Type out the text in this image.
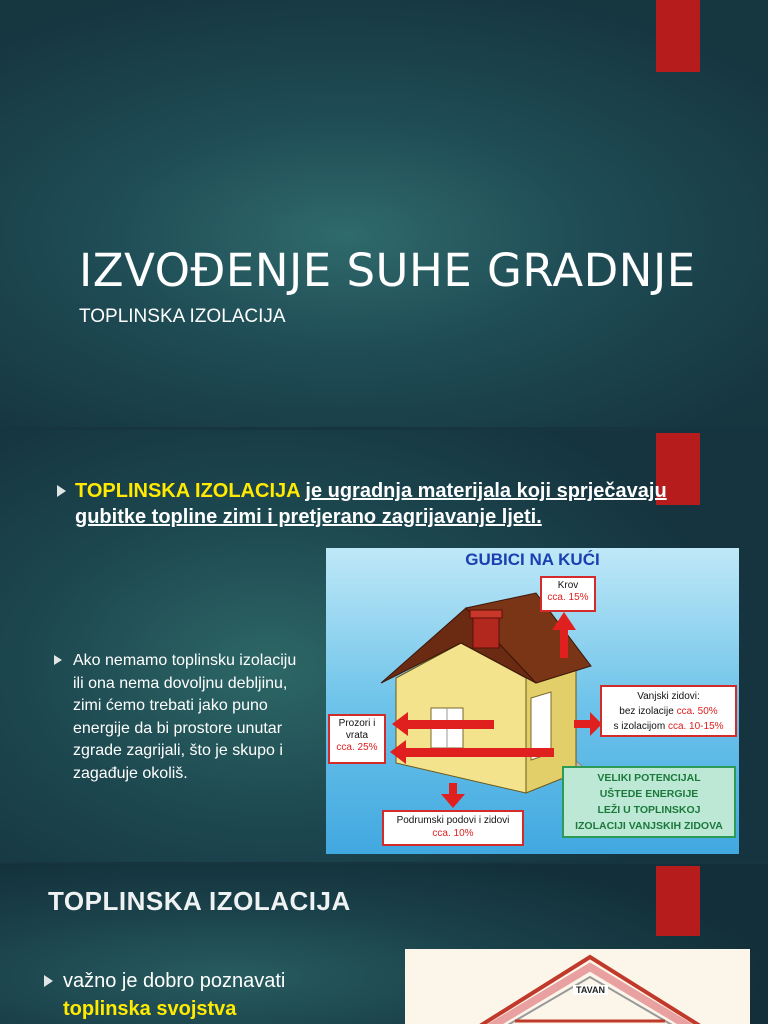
IZVOĐENJE SUHE GRADNJE
TOPLINSKA IZOLACIJA
TOPLINSKA IZOLACIJA je ugradnja materijala koji sprječavaju gubitke topline zimi i pretjerano zagrijavanje ljeti.
Ako nemamo toplinsku izolaciju ili ona nema dovoljnu debljinu, zimi ćemo trebati jako puno energije da bi prostore unutar zgrade zagrijali, što je skupo i zagađuje okoliš.
GUBICI NA KUĆI
Krov
cca. 15%
Vanjski zidovi:
bez izolacije cca. 50%
s izolacijom cca. 10-15%
Prozori i
vrata
cca. 25%
Podrumski podovi i zidovi
cca. 10%
VELIKI POTENCIJAL
UŠTEDE ENERGIJE
LEŽI U TOPLINSKOJ
IZOLACIJI VANJSKIH ZIDOVA
TOPLINSKA IZOLACIJA
važno je dobro poznavati
toplinska svojstva
TAVAN
